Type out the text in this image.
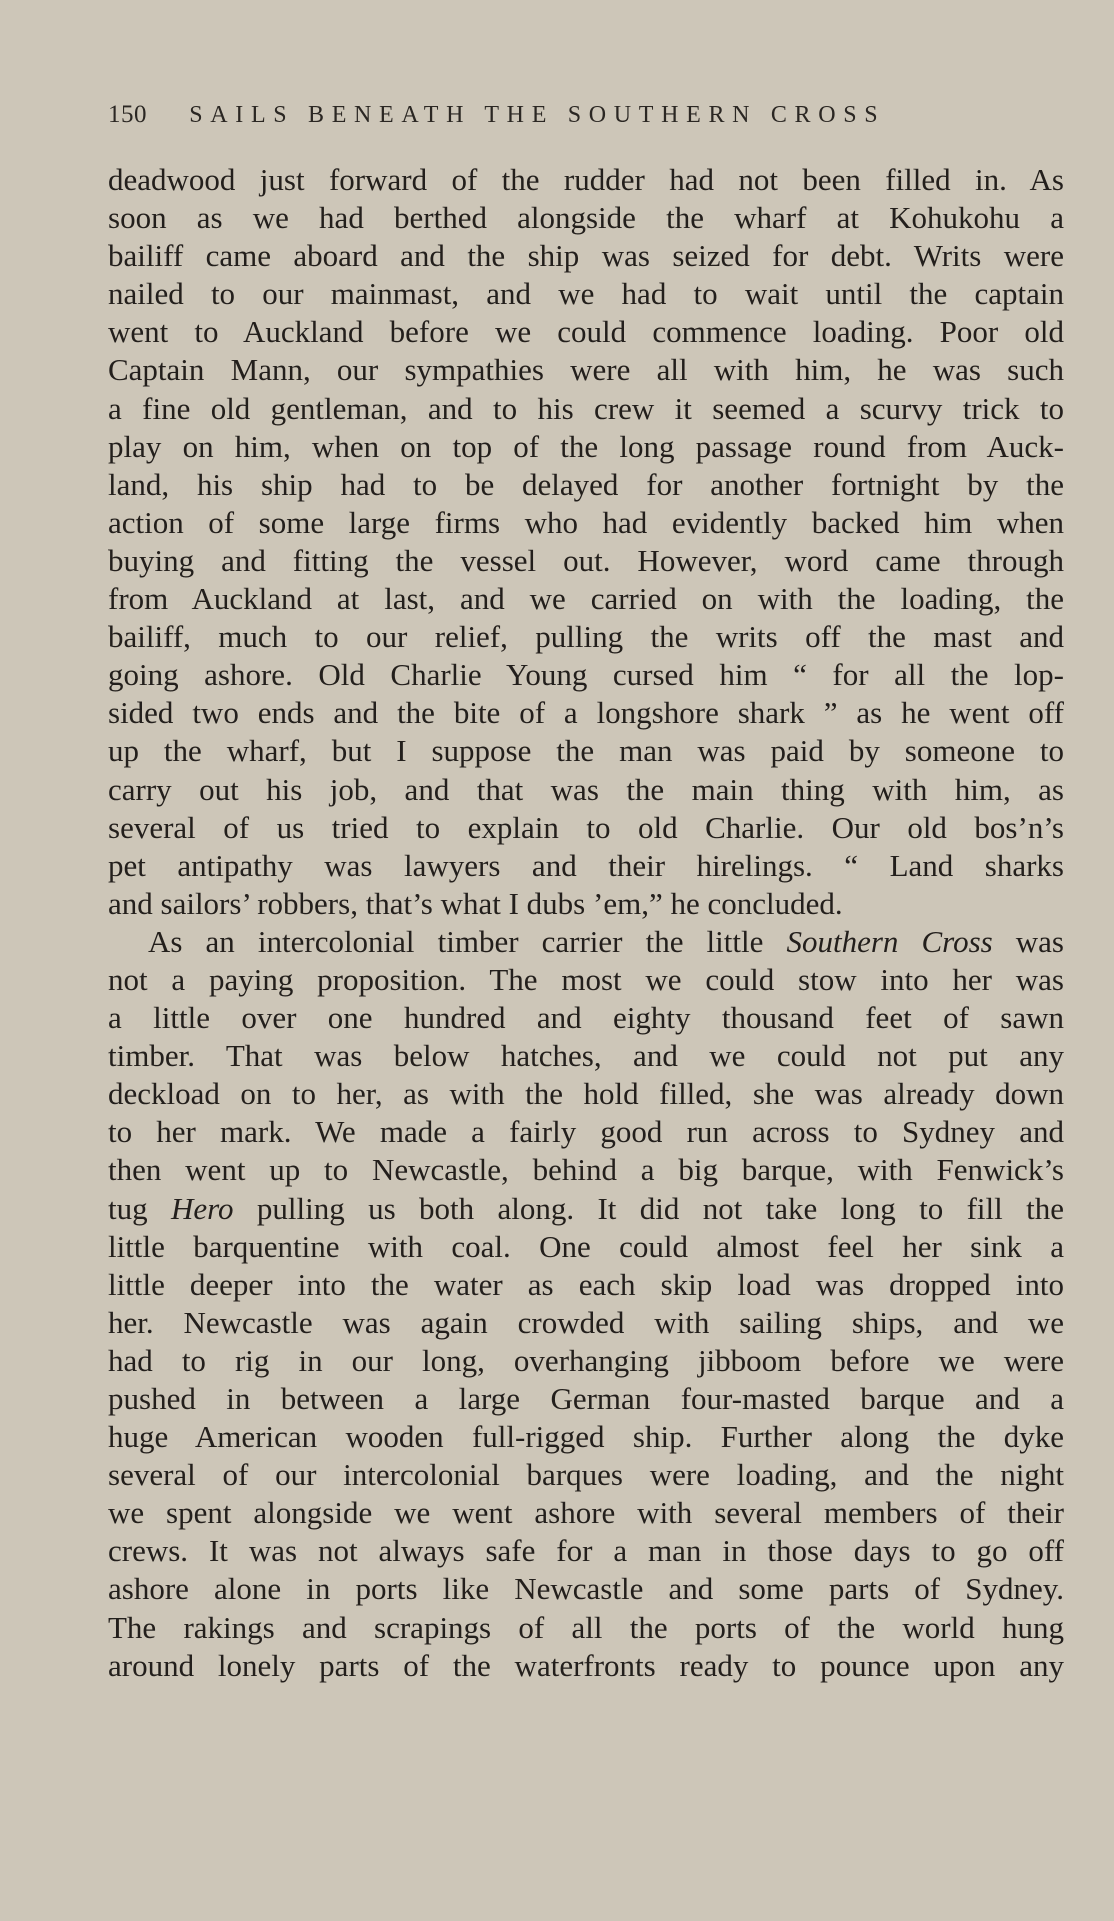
150 SAILS BENEATH THE SOUTHERN CROSS
deadwood just forward of the rudder had not been filled in. As
soon as we had berthed alongside the wharf at Kohukohu a
bailiff came aboard and the ship was seized for debt. Writs were
nailed to our mainmast, and we had to wait until the captain
went to Auckland before we could commence loading. Poor old
Captain Mann, our sympathies were all with him, he was such
a fine old gentleman, and to his crew it seemed a scurvy trick to
play on him, when on top of the long passage round from Auck-
land, his ship had to be delayed for another fortnight by the
action of some large firms who had evidently backed him when
buying and fitting the vessel out. However, word came through
from Auckland at last, and we carried on with the loading, the
bailiff, much to our relief, pulling the writs off the mast and
going ashore. Old Charlie Young cursed him “ for all the lop-
sided two ends and the bite of a longshore shark ” as he went off
up the wharf, but I suppose the man was paid by someone to
carry out his job, and that was the main thing with him, as
several of us tried to explain to old Charlie. Our old bos’n’s
pet antipathy was lawyers and their hirelings. “ Land sharks
and sailors’ robbers, that’s what I dubs ’em,” he concluded.
As an intercolonial timber carrier the little Southern Cross was
not a paying proposition. The most we could stow into her was
a little over one hundred and eighty thousand feet of sawn
timber. That was below hatches, and we could not put any
deckload on to her, as with the hold filled, she was already down
to her mark. We made a fairly good run across to Sydney and
then went up to Newcastle, behind a big barque, with Fenwick’s
tug Hero pulling us both along. It did not take long to fill the
little barquentine with coal. One could almost feel her sink a
little deeper into the water as each skip load was dropped into
her. Newcastle was again crowded with sailing ships, and we
had to rig in our long, overhanging jibboom before we were
pushed in between a large German four-masted barque and a
huge American wooden full-rigged ship. Further along the dyke
several of our intercolonial barques were loading, and the night
we spent alongside we went ashore with several members of their
crews. It was not always safe for a man in those days to go off
ashore alone in ports like Newcastle and some parts of Sydney.
The rakings and scrapings of all the ports of the world hung
around lonely parts of the waterfronts ready to pounce upon any
